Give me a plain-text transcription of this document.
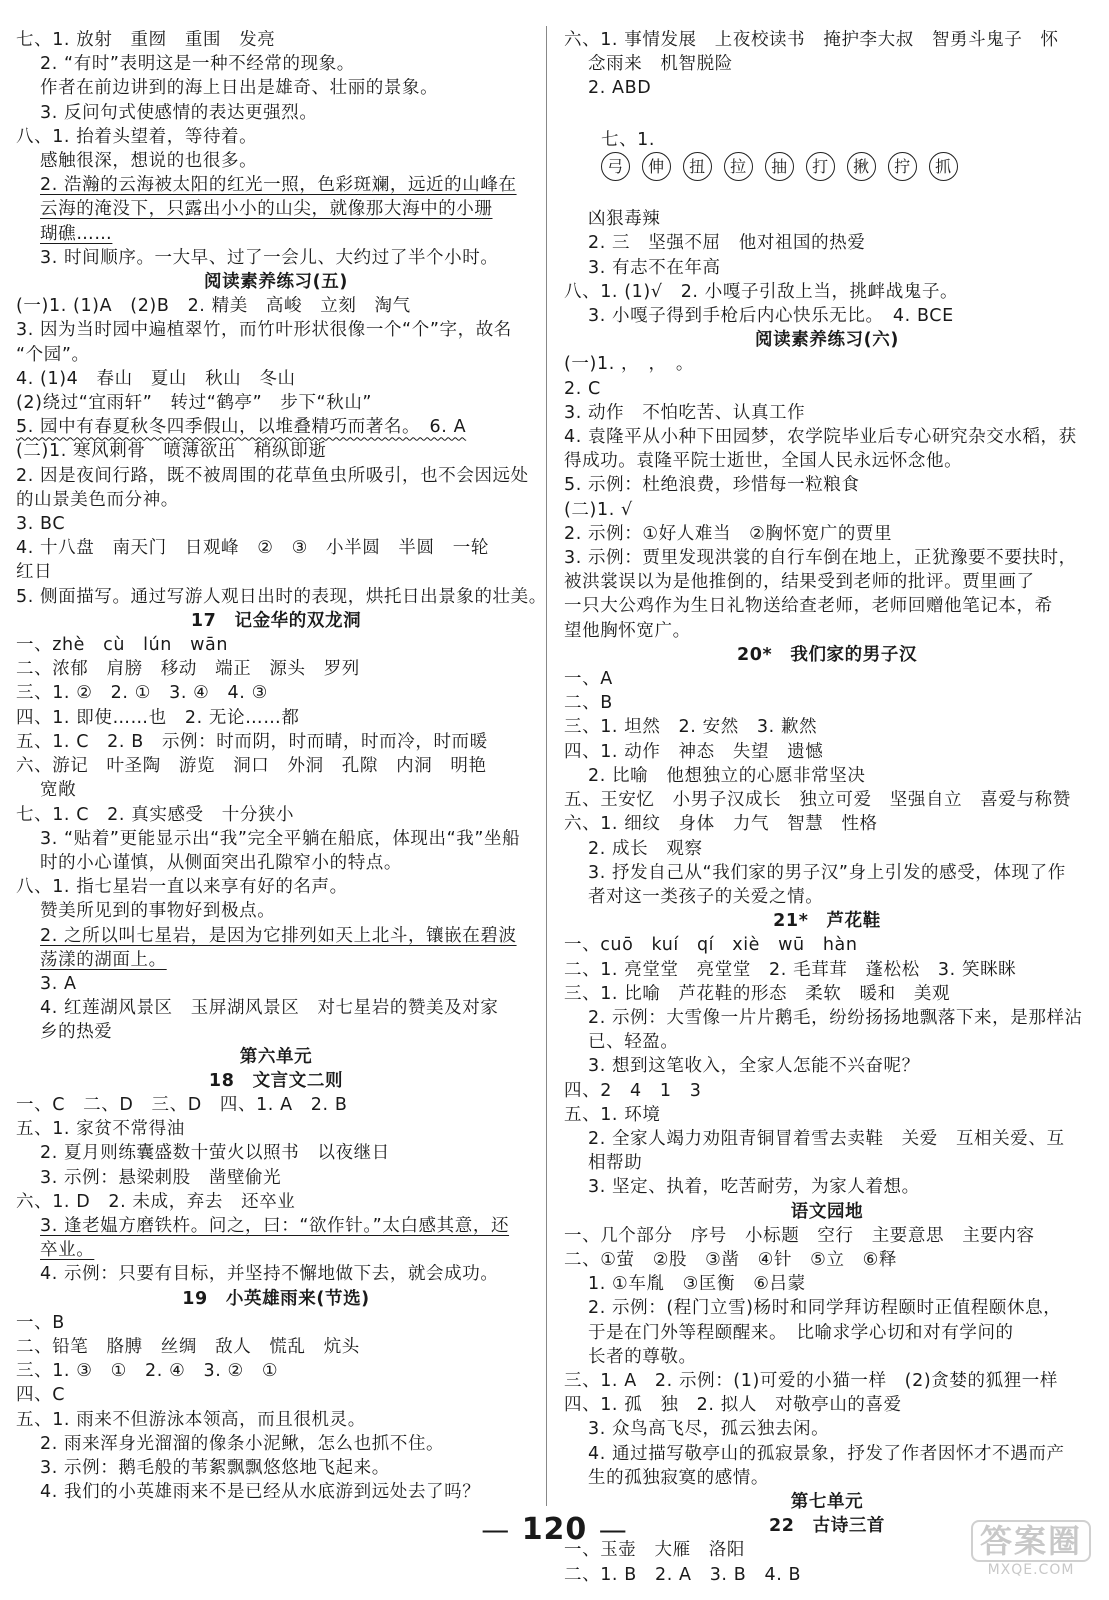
七、1. 放射　重囫　重围　发亮
2. “有时”表明这是一种不经常的现象。
作者在前边讲到的海上日出是雄奇、壮丽的景象。
3. 反问句式使感情的表达更强烈。
八、1. 抬着头望着，等待着。
感触很深，想说的也很多。
2. 浩瀚的云海被太阳的红光一照，色彩斑斓，远近的山峰在
云海的淹没下，只露出小小的山尖，就像那大海中的小珊
瑚礁……
3. 时间顺序。一大早、过了一会儿、大约过了半个小时。
阅读素养练习(五)
(一)1. (1)A　(2)B　2. 精美　高峻　立刻　淘气
3. 因为当时园中遍植翠竹，而竹叶形状很像一个“个”字，故名
“个园”。
4. (1)4　春山　夏山　秋山　冬山
(2)绕过“宜雨轩”　转过“鹤亭”　步下“秋山”
5. 园中有春夏秋冬四季假山，以堆叠精巧而著名。　6. A
(二)1. 寒风刺骨　喷薄欲出　稍纵即逝
2. 因是夜间行路，既不被周围的花草鱼虫所吸引，也不会因远处
的山景美色而分神。
3. BC
4. 十八盘　南天门　日观峰　②　③　小半圆　半圆　一轮
红日
5. 侧面描写。通过写游人观日出时的表现，烘托日出景象的壮美。
17　记金华的双龙洞
一、zhè　cù　lún　wān
二、浓郁　肩膀　移动　端正　源头　罗列
三、1. ②　2. ①　3. ④　4. ③
四、1. 即使……也　2. 无论……都
五、1. C　2. B　示例：时而阴，时而晴，时而冷，时而暖
六、游记　叶圣陶　游览　洞口　外洞　孔隙　内洞　明艳
宽敞
七、1. C　2. 真实感受　十分狭小
3. “贴着”更能显示出“我”完全平躺在船底，体现出“我”坐船
时的小心谨慎，从侧面突出孔隙窄小的特点。
八、1. 指七星岩一直以来享有好的名声。
赞美所见到的事物好到极点。
2. 之所以叫七星岩，是因为它排列如天上北斗，镶嵌在碧波
荡漾的湖面上。
3. A
4. 红莲湖风景区　玉屏湖风景区　对七星岩的赞美及对家
乡的热爱
第六单元
18　文言文二则
一、C　二、D　三、D　四、1. A　2. B
五、1. 家贫不常得油
2. 夏月则练囊盛数十萤火以照书　以夜继日
3. 示例：悬梁刺股　凿壁偷光
六、1. D　2. 未成，弃去　还卒业
3. 逢老媪方磨铁杵。问之，曰：“欲作针。”太白感其意，还
卒业。
4. 示例：只要有目标，并坚持不懈地做下去，就会成功。
19　小英雄雨来(节选)
一、B
二、铅笔　胳膊　丝绸　敌人　慌乱　炕头
三、1. ③　①　2. ④　3. ②　①
四、C
五、1. 雨来不但游泳本领高，而且很机灵。
2. 雨来浑身光溜溜的像条小泥鳅，怎么也抓不住。
3. 示例：鹅毛般的苇絮飘飘悠悠地飞起来。
4. 我们的小英雄雨来不是已经从水底游到远处去了吗？
六、1. 事情发展　上夜校读书　掩护李大叔　智勇斗鬼子　怀
念雨来　机智脱险
2. ABD

七、1.
弓 伸 扭 拉 抽 打 揪 拧 抓

凶狠毒辣
2. 三　坚强不屈　他对祖国的热爱
3. 有志不在年高
八、1. (1)√　2. 小嘎子引敌上当，挑衅战鬼子。
3. 小嘎子得到手枪后内心快乐无比。　4. BCE
阅读素养练习(六)
(一)1. ，　，　。
2. C
3. 动作　不怕吃苦、认真工作
4. 袁隆平从小种下田园梦，农学院毕业后专心研究杂交水稻，获
得成功。袁隆平院士逝世，全国人民永远怀念他。
5. 示例：杜绝浪费，珍惜每一粒粮食
(二)1. √
2. 示例：①好人难当　②胸怀宽广的贾里
3. 示例：贾里发现洪裳的自行车倒在地上，正犹豫要不要扶时，
被洪裳误以为是他推倒的，结果受到老师的批评。贾里画了
一只大公鸡作为生日礼物送给查老师，老师回赠他笔记本，希
望他胸怀宽广。
20*　我们家的男子汉
一、A
二、B
三、1. 坦然　2. 安然　3. 歉然
四、1. 动作　神态　失望　遗憾
2. 比喻　他想独立的心愿非常坚决
五、王安忆　小男子汉成长　独立可爱　坚强自立　喜爱与称赞
六、1. 细纹　身体　力气　智慧　性格
2. 成长　观察
3. 抒发自己从“我们家的男子汉”身上引发的感受，体现了作
者对这一类孩子的关爱之情。
21*　芦花鞋
一、cuō　kuí　qí　xiè　wū　hàn
二、1. 亮堂堂　亮堂堂　2. 毛茸茸　蓬松松　3. 笑眯眯
三、1. 比喻　芦花鞋的形态　柔软　暖和　美观
2. 示例：大雪像一片片鹅毛，纷纷扬扬地飘落下来，是那样沾
已、轻盈。
3. 想到这笔收入，全家人怎能不兴奋呢？
四、2　4　1　3
五、1. 环境
2. 全家人竭力劝阻青铜冒着雪去卖鞋　关爱　互相关爱、互
相帮助
3. 坚定、执着，吃苦耐劳，为家人着想。
语文园地
一、几个部分　序号　小标题　空行　主要意思　主要内容
二、①萤　②股　③凿　④针　⑤立　⑥释
1. ①车胤　③匡衡　⑥吕蒙
2. 示例：(程门立雪)杨时和同学拜访程颐时正值程颐休息，
于是在门外等程颐醒来。　比喻求学心切和对有学问的
长者的尊敬。
三、1. A　2. 示例：(1)可爱的小猫一样　(2)贪婪的狐狸一样
四、1. 孤　独　2. 拟人　对敬亭山的喜爱
3. 众鸟高飞尽，孤云独去闲。
4. 通过描写敬亭山的孤寂景象，抒发了作者因怀才不遇而产
生的孤独寂寞的感情。
第七单元
22　古诗三首
一、玉壶　大雁　洛阳
二、1. B　2. A　3. B　4. B
— 120 —	答案圈
MXQE.COM
